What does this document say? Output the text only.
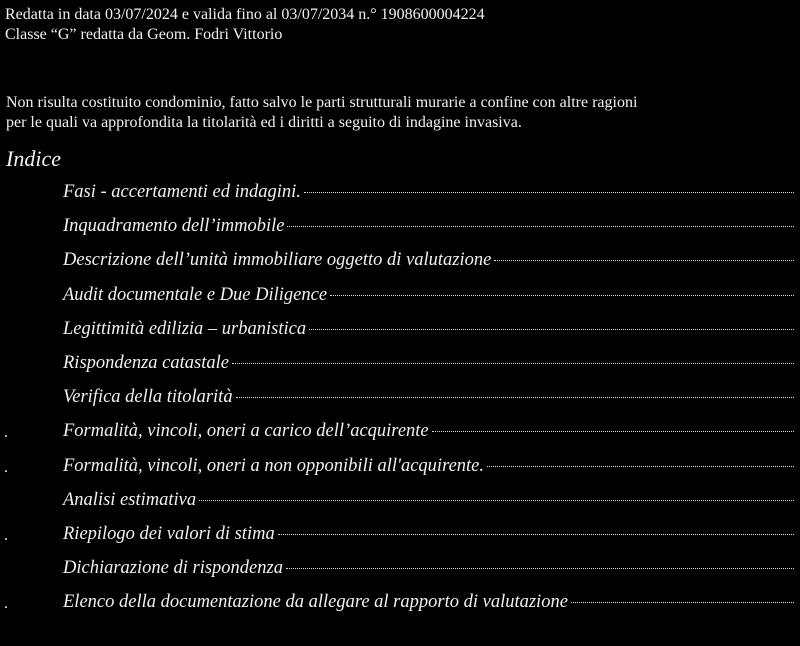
Redatta in data 03/07/2024 e valida fino al 03/07/2034 n.° 1908600004224
Classe “G” redatta da Geom. Fodri Vittorio
Non risulta costituito condominio, fatto salvo le parti strutturali murarie a confine con altre ragioni
per le quali va approfondita la titolarità ed i diritti a seguito di indagine invasiva.
Indice
Fasi - accertamenti ed indagini.
Inquadramento dell’immobile
Descrizione dell’unità immobiliare oggetto di valutazione
Audit documentale e Due Diligence
Legittimità edilizia – urbanistica
Rispondenza catastale
Verifica della titolarità
.	Formalità, vincoli, oneri a carico dell’acquirente
.	Formalità, vincoli, oneri a non opponibili all'acquirente.
Analisi estimativa
.	Riepilogo dei valori di stima
Dichiarazione di rispondenza
.	Elenco della documentazione da allegare al rapporto di valutazione
